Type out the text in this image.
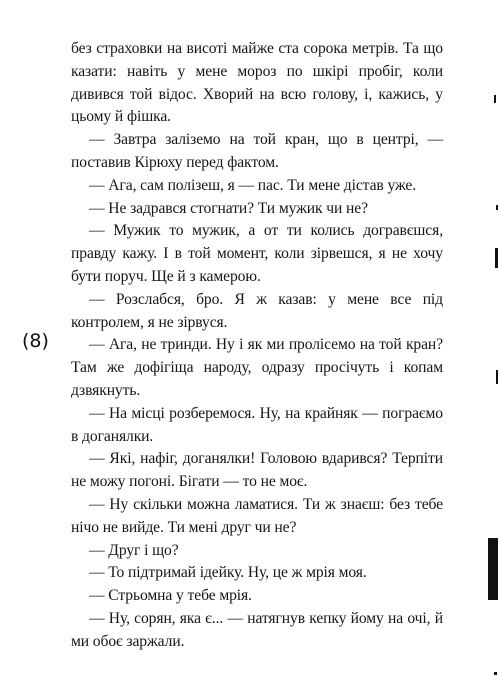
(8)

без страховки на висоті майже ста сорока метрів. Та що казати: навіть у мене мороз по шкірі пробіг, коли дивився той відос. Хворий на всю голову, і, кажись, у цьому й фішка.

— Завтра заліземо на той кран, що в центрі, — поставив Кірюху перед фактом.

— Ага, сам полізеш, я — пас. Ти мене дістав уже.

— Не задрався стогнати? Ти мужик чи не?

— Мужик то мужик, а от ти колись догравєшся, правду кажу. І в той момент, коли зірвешся, я не хочу бути поруч. Ще й з камерою.

— Розслабся, бро. Я ж казав: у мене все під контролем, я не зірвуся.

— Ага, не тринди. Ну і як ми пролісемо на той кран? Там же дофігіща народу, одразу просічуть і копам дзвякнуть.

— На місці розберемося. Ну, на крайняк — пограємо в доганялки.

— Які, нафіг, доганялки! Головою вдарився? Терпіти не можу погоні. Бігати — то не моє.

— Ну скільки можна ламатися. Ти ж знаєш: без тебе нічо не вийде. Ти мені друг чи не?

— Друг і що?

— То підтримай ідейку. Ну, це ж мрія моя.

— Стрьомна у тебе мрія.

— Ну, сорян, яка є... — натягнув кепку йому на очі, й ми обоє заржали.
